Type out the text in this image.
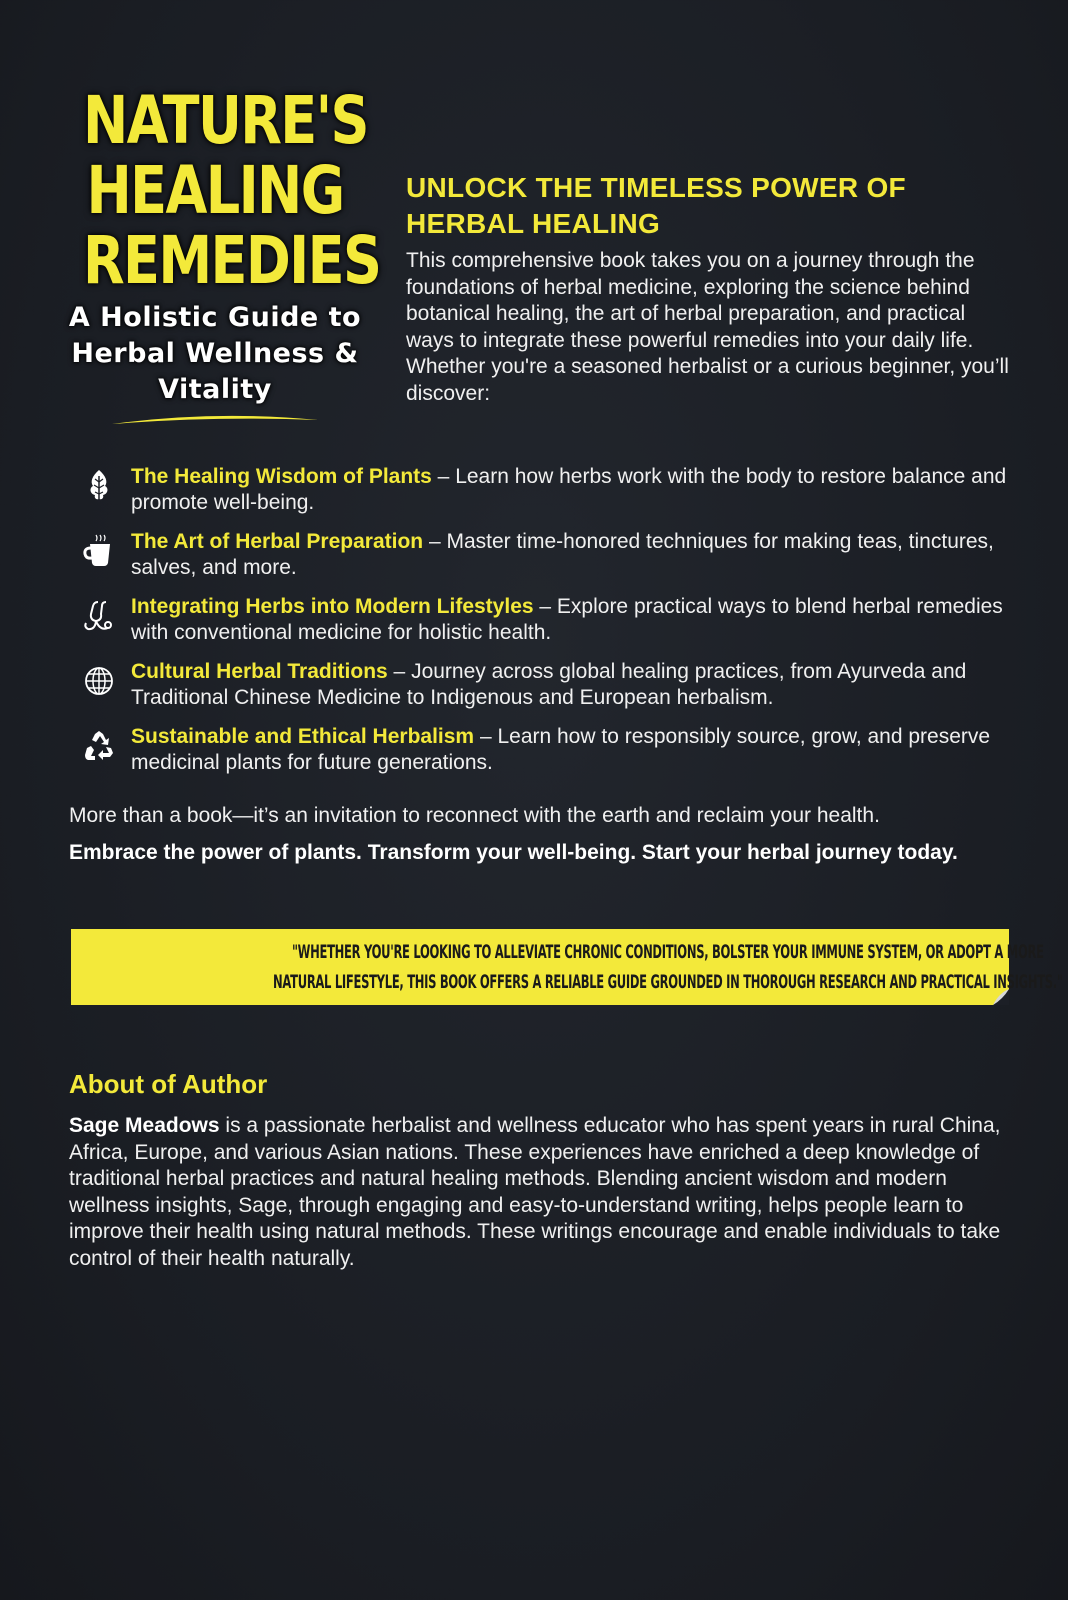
NATURE'S
HEALING
REMEDIES
A Holistic Guide to
Herbal Wellness &
Vitality
UNLOCK THE TIMELESS POWER OF
HERBAL HEALING

This comprehensive book takes you on a journey through the foundations of herbal medicine, exploring the science behind botanical healing, the art of herbal preparation, and practical ways to integrate these powerful remedies into your daily life. Whether you're a seasoned herbalist or a curious beginner, you’ll discover:

The Healing Wisdom of Plants – Learn how herbs work with the body to restore balance and promote well-being.
The Art of Herbal Preparation – Master time-honored techniques for making teas, tinctures, salves, and more.
Integrating Herbs into Modern Lifestyles – Explore practical ways to blend herbal remedies with conventional medicine for holistic health.
Cultural Herbal Traditions – Journey across global healing practices, from Ayurveda and Traditional Chinese Medicine to Indigenous and European herbalism.
Sustainable and Ethical Herbalism – Learn how to responsibly source, grow, and preserve medicinal plants for future generations.

More than a book—it’s an invitation to reconnect with the earth and reclaim your health.

Embrace the power of plants. Transform your well-being. Start your herbal journey today.

"WHETHER YOU'RE LOOKING TO ALLEVIATE CHRONIC CONDITIONS, BOLSTER YOUR IMMUNE SYSTEM, OR ADOPT A MORE
NATURAL LIFESTYLE, THIS BOOK OFFERS A RELIABLE GUIDE GROUNDED IN THOROUGH RESEARCH AND PRACTICAL INSIGHTS."
About of Author

Sage Meadows is a passionate herbalist and wellness educator who has spent years in rural China, Africa, Europe, and various Asian nations. These experiences have enriched a deep knowledge of traditional herbal practices and natural healing methods. Blending ancient wisdom and modern wellness insights, Sage, through engaging and easy-to-understand writing, helps people learn to improve their health using natural methods. These writings encourage and enable individuals to take control of their health naturally.
